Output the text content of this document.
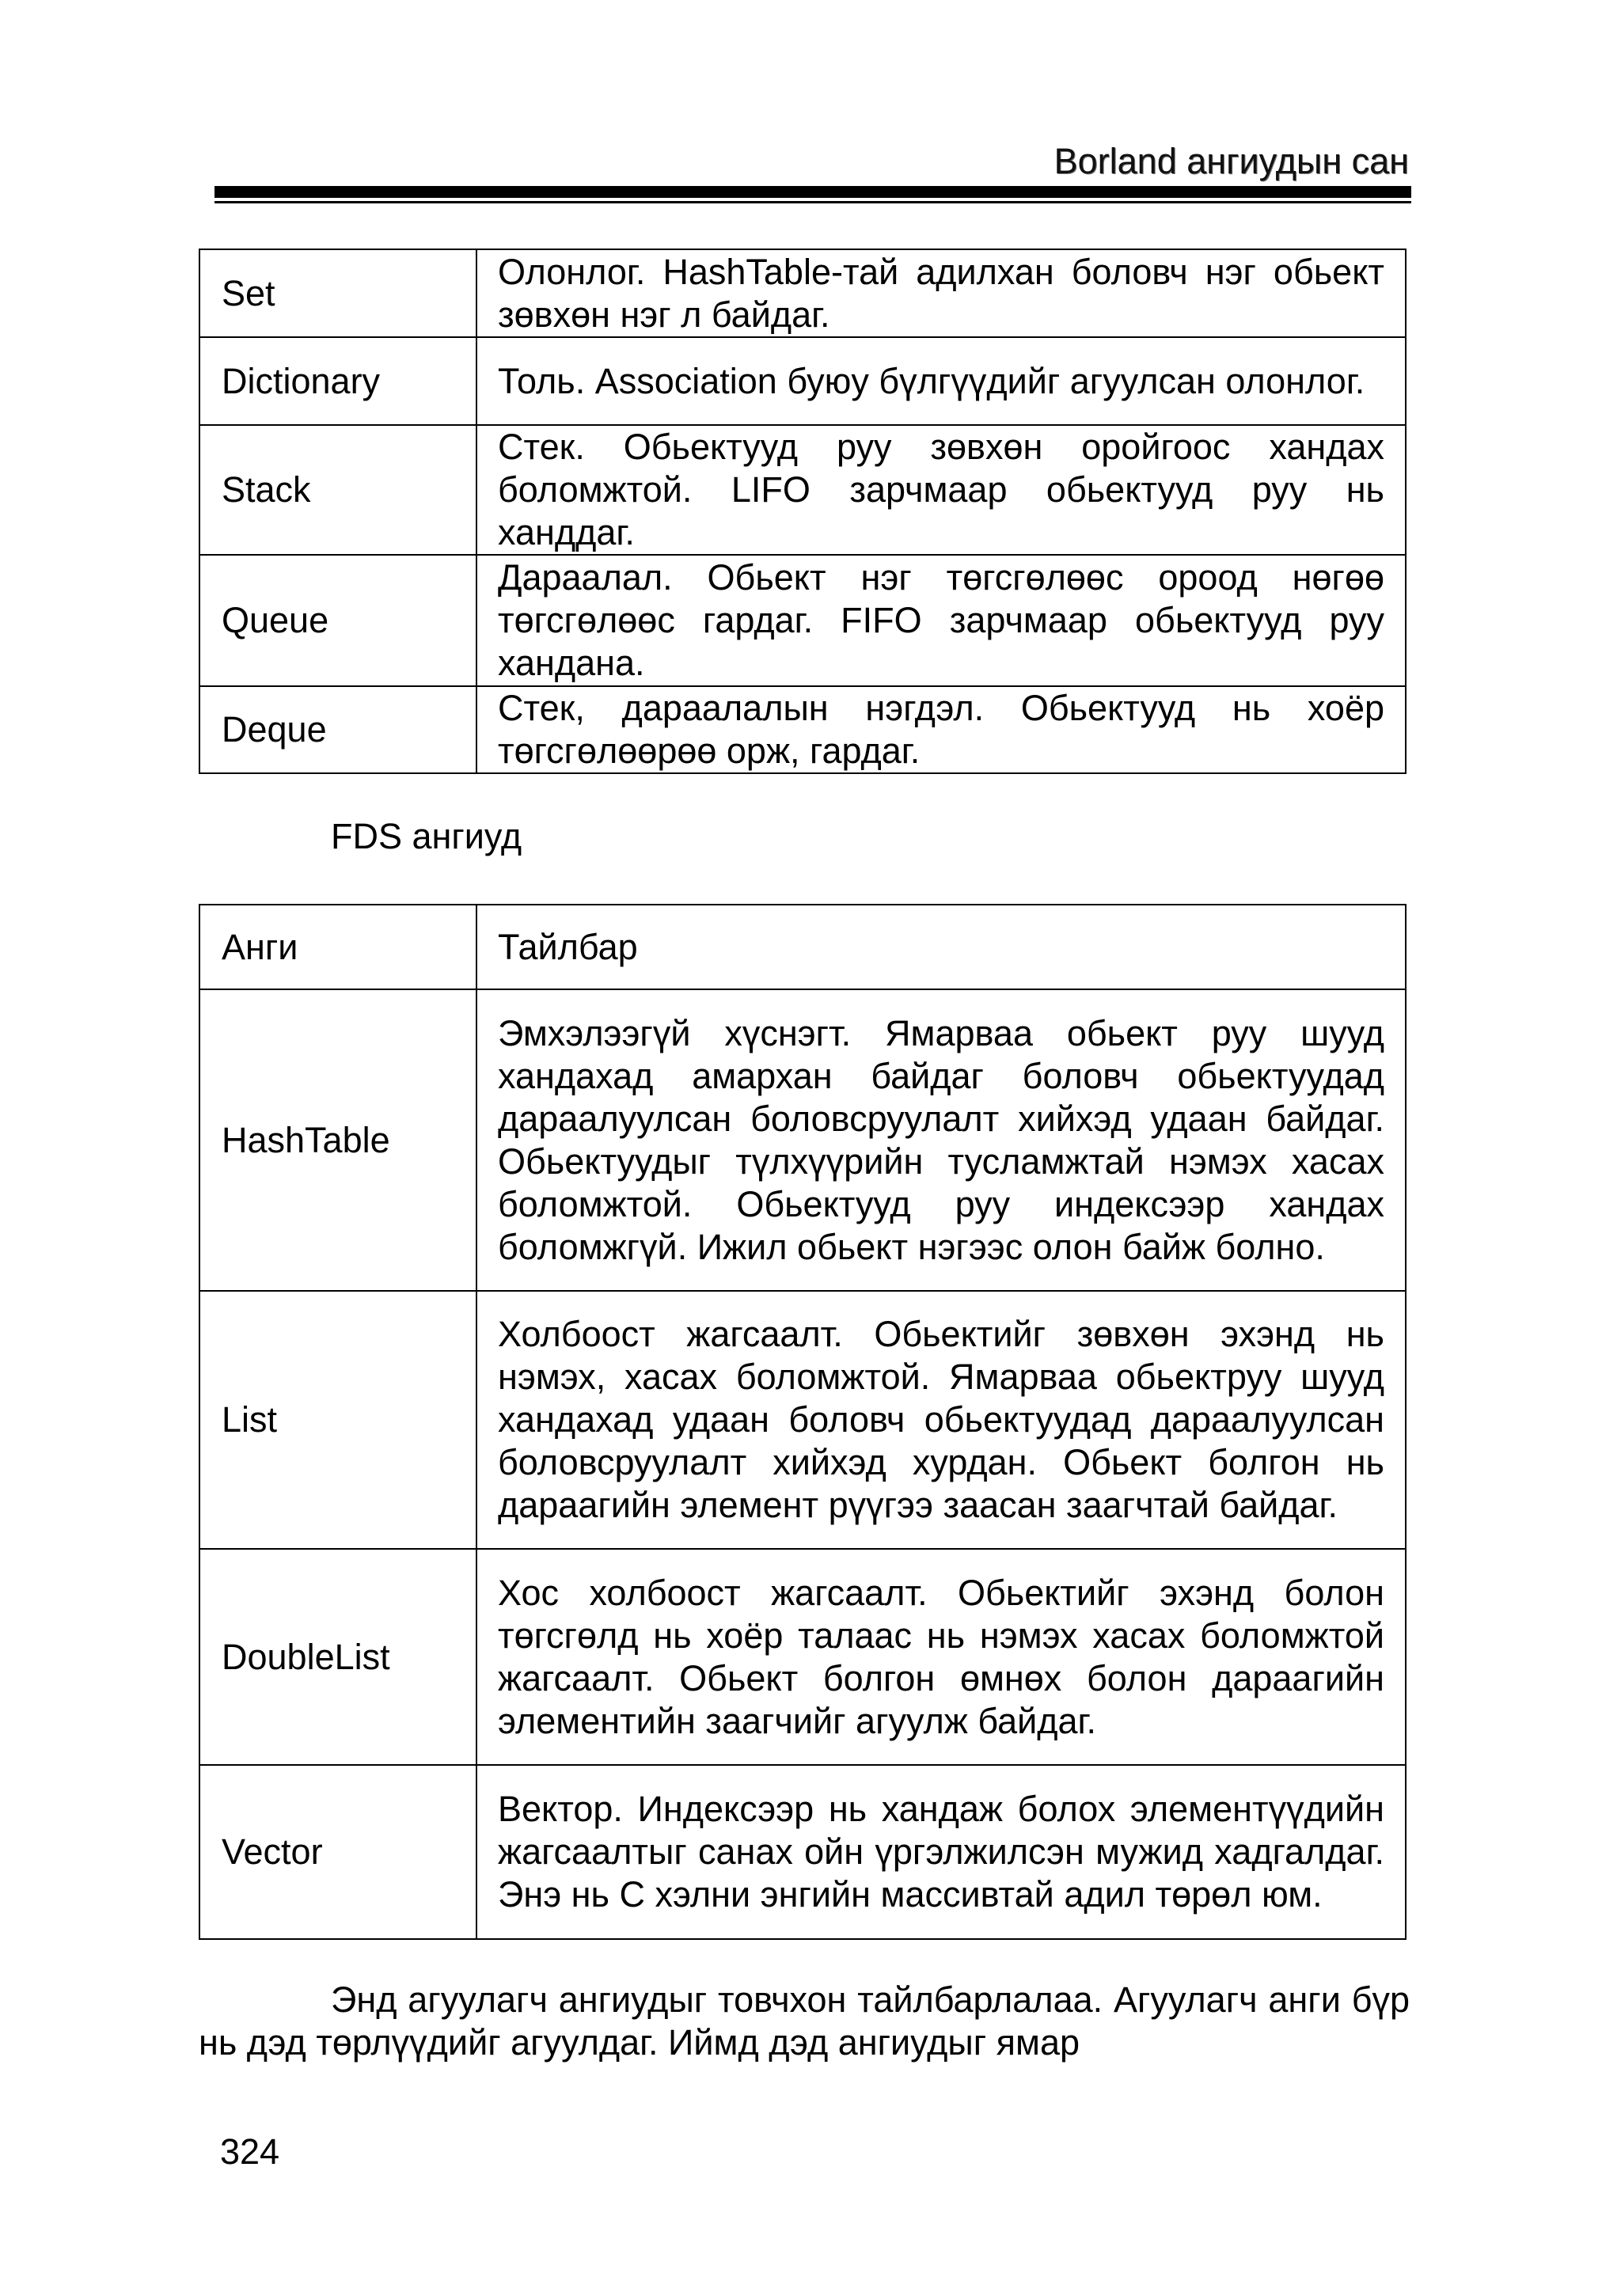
Borland ангиудын сан
Set	Олонлог. HashTable-тай адилхан боловч нэг обьект зөвхөн нэг л байдаг.
Dictionary	Толь. Association буюу бүлгүүдийг агуулсан олонлог.
Stack	Стек. Обьектууд руу зөвхөн оройгоос хандах боломжтой. LIFO зарчмаар обьектууд руу нь ханддаг.
Queue	Дараалал. Обьект нэг төгсгөлөөс ороод нөгөө төгсгөлөөс гардаг. FIFO зарчмаар обьектууд руу хандана.
Deque	Стек, дараалалын нэгдэл. Обьектууд нь хоёр төгсгөлөөрөө орж, гардаг.
FDS ангиуд
Анги	Тайлбар
HashTable	Эмхэлээгүй хүснэгт. Ямарваа обьект руу шууд хандахад амархан байдаг боловч обьектуудад дараалуулсан боловсруулалт хийхэд удаан байдаг. Обьектуудыг түлхүүрийн тусламжтай нэмэх хасах боломжтой. Обьектууд руу индексээр хандах боломжгүй. Ижил обьект нэгээс олон байж болно.
List	Холбоост жагсаалт. Обьектийг зөвхөн эхэнд нь нэмэх, хасах боломжтой. Ямарваа обьектруу шууд хандахад удаан боловч обьектуудад дараалуулсан боловсруулалт хийхэд хурдан. Обьект болгон нь дараагийн элемент рүүгээ заасан заагчтай байдаг.
DoubleList	Хос холбоост жагсаалт. Обьектийг эхэнд болон төгсгөлд нь хоёр талаас нь нэмэх хасах боломжтой жагсаалт. Обьект болгон өмнөх болон дараагийн элементийн заагчийг агуулж байдаг.
Vector	Вектор. Индексээр нь хандаж болох элементүүдийн жагсаалтыг санах ойн үргэлжилсэн мужид хадгалдаг. Энэ нь С хэлни энгийн массивтай адил төрөл юм.
Энд агуулагч ангиудыг товчхон тайлбарлалаа. Агуулагч анги бүр нь дэд төрлүүдийг агуулдаг. Иймд дэд ангиудыг ямар
324
